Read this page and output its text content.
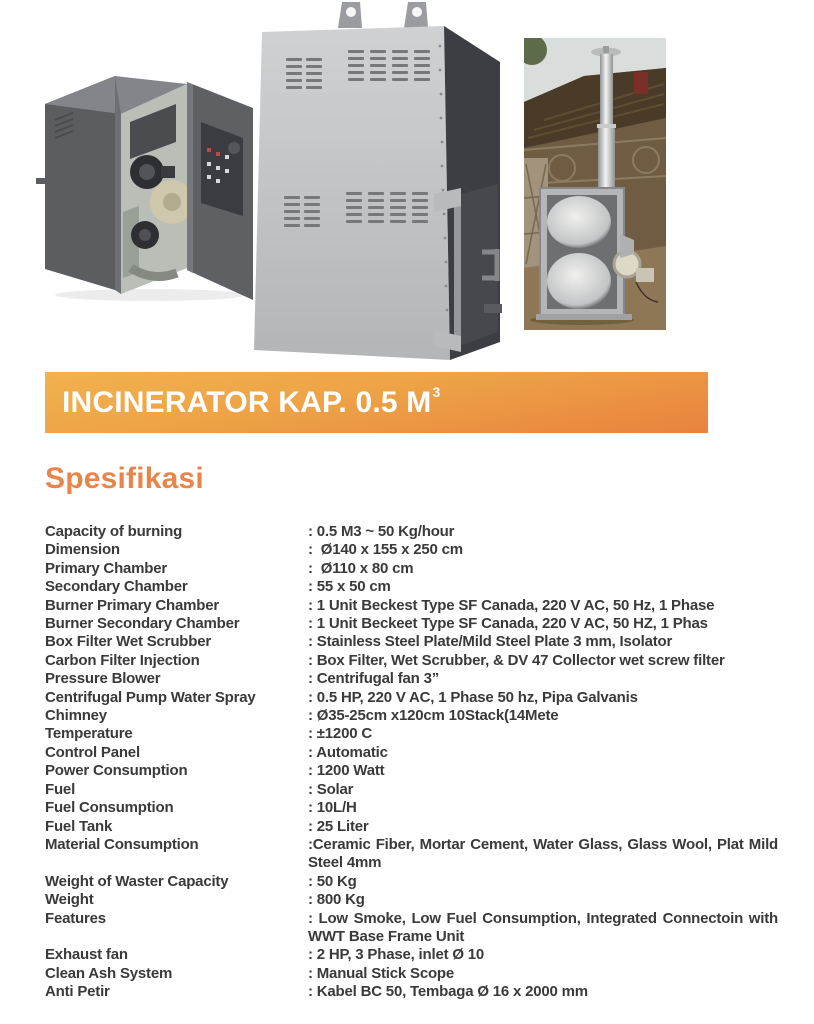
INCINERATOR KAP. 0.5 $M^3$
Spesifikasi
Capacity of burning	: 0.5 M3 ~ 50 Kg/hour
Dimension	:  Ø140 x 155 x 250 cm
Primary Chamber	:  Ø110 x 80 cm
Secondary Chamber	: 55 x 50 cm
Burner Primary Chamber	: 1 Unit Beckest Type SF Canada, 220 V AC, 50 Hz, 1 Phase
Burner Secondary Chamber	: 1 Unit Beckeet Type SF Canada, 220 V AC, 50 HZ, 1 Phas
Box Filter Wet Scrubber	: Stainless Steel Plate/Mild Steel Plate 3 mm, Isolator
Carbon Filter Injection	: Box Filter, Wet Scrubber, & DV 47 Collector wet screw filter
Pressure Blower	: Centrifugal fan 3”
Centrifugal Pump Water Spray	: 0.5 HP, 220 V AC, 1 Phase 50 hz, Pipa Galvanis
Chimney	: Ø35-25cm x120cm 10Stack(14Mete
Temperature	: ±1200 C
Control Panel	: Automatic
Power Consumption	: 1200 Watt
Fuel	: Solar
Fuel Consumption	: 10L/H
Fuel Tank	: 25 Liter
Material Consumption	:Ceramic Fiber, Mortar Cement, Water Glass, Glass Wool, Plat Mild Steel 4mm
Weight of Waster Capacity	: 50 Kg
Weight	: 800 Kg
Features	: Low Smoke, Low Fuel Consumption, Integrated Connectoin with WWT Base Frame Unit
Exhaust fan	: 2 HP, 3 Phase, inlet Ø 10
Clean Ash System	: Manual Stick Scope
Anti Petir	: Kabel BC 50, Tembaga Ø 16 x 2000 mm
